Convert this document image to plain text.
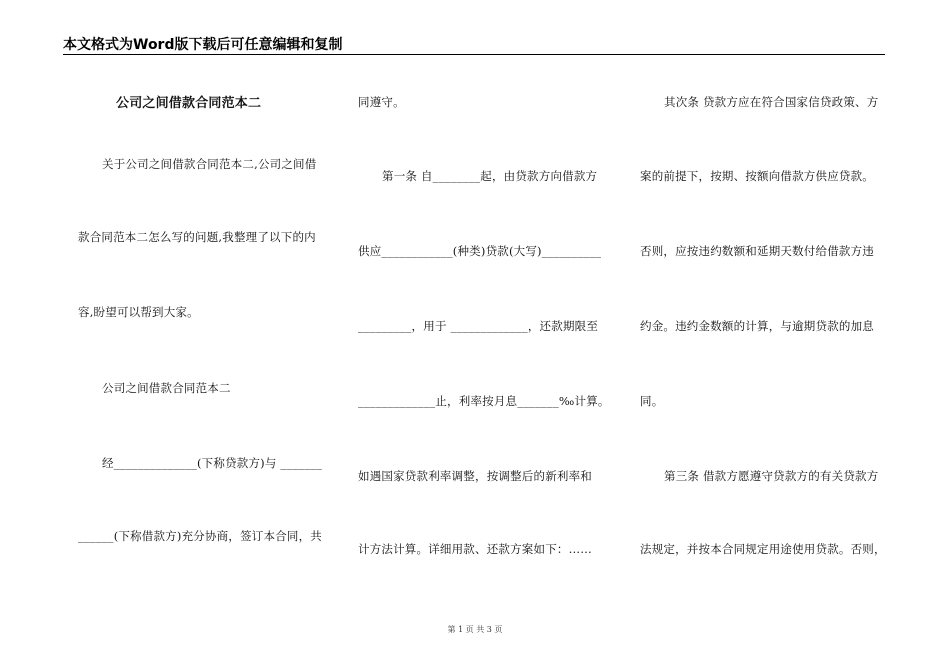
本文格式为Word版下载后可任意编辑和复制
公司之间借款合同范本二
关于公司之间借款合同范本二,公司之间借
款合同范本二怎么写的问题,我整理了以下的内
容,盼望可以帮到大家。
公司之间借款合同范本二
经______________(下称贷款方)与 _______
______(下称借款方)充分协商，签订本合同，共
同遵守。
第一条 自________起，由贷款方向借款方
供应____________(种类)贷款(大写)__________
_________，用于 _____________，还款期限至
_____________止，利率按月息_______‰计算。
如遇国家贷款利率调整，按调整后的新利率和
计方法计算。详细用款、还款方案如下：……
其次条 贷款方应在符合国家信贷政策、方
案的前提下，按期、按额向借款方供应贷款。
否则，应按违约数额和延期天数付给借款方违
约金。违约金数额的计算，与逾期贷款的加息
同。
第三条 借款方愿遵守贷款方的有关贷款方
法规定，并按本合同规定用途使用贷款。否则，
第 1 页 共 3 页
